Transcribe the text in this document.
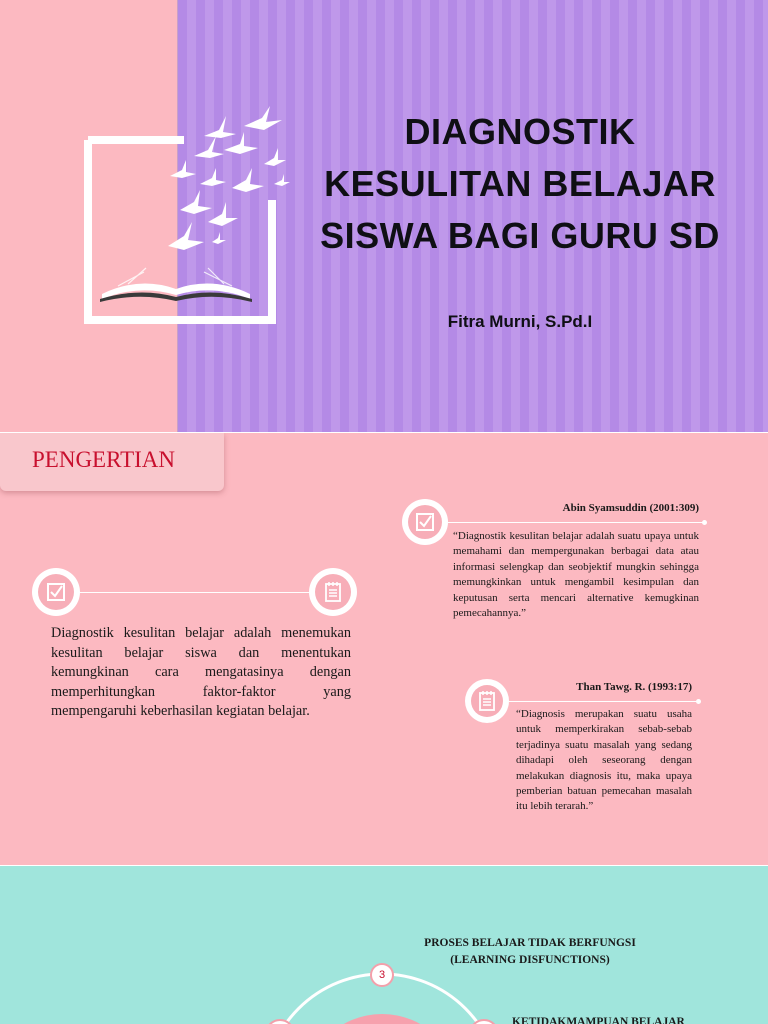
DIAGNOSTIK
KESULITAN BELAJAR
SISWA BAGI GURU SD
Fitra Murni, S.Pd.I
PENGERTIAN

Diagnostik kesulitan belajar adalah menemukan kesulitan belajar siswa dan menentukan kemungkinan cara mengatasinya dengan memperhitungkan faktor-faktor yang mempengaruhi keberhasilan kegiatan belajar.

Abin Syamsuddin (2001:309)

“Diagnostik kesulitan belajar adalah suatu upaya untuk memahami dan mempergunakan berbagai data atau informasi selengkap dan seobjektif mungkin sehingga memungkinkan untuk mengambil kesimpulan dan keputusan serta mencari alternative kemugkinan pemecahannya.”

Than Tawg. R. (1993:17)

“Diagnosis merupakan suatu usaha untuk memperkirakan sebab-sebab terjadinya suatu masalah yang sedang dihadapi oleh seseorang dengan melakukan diagnosis itu, maka upaya pemberian batuan pemecahan masalah itu lebih terarah.”

3
PROSES BELAJAR TIDAK BERFUNGSI
(LEARNING DISFUNCTIONS)
KETIDAKMAMPUAN BELAJAR
